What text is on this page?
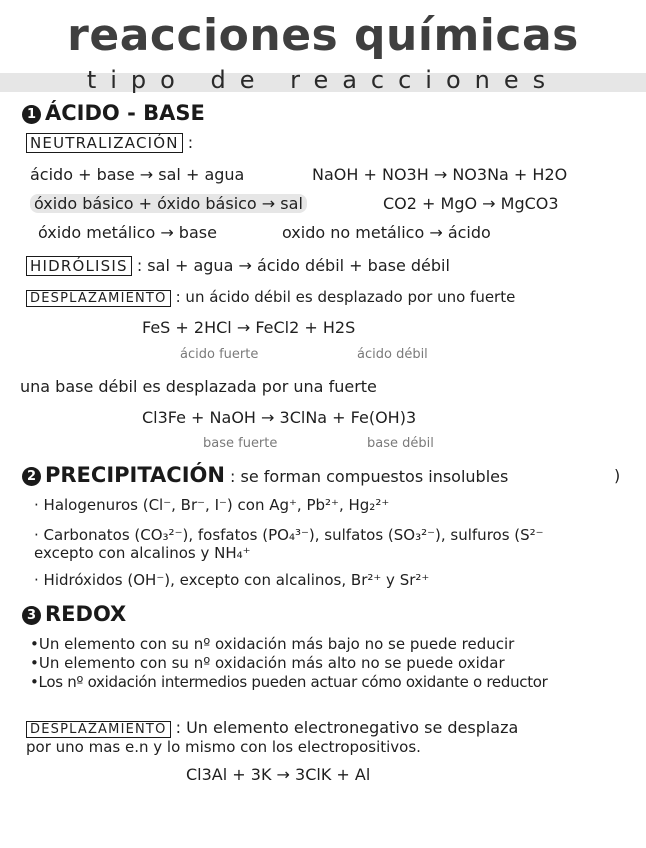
reacciones químicas
tipo de reacciones
1 ÁCIDO - BASE
NEUTRALIZACIÓN :
ácido + base → sal + agua	NaOH + NO3H → NO3Na + H2O
óxido básico + óxido básico → sal	CO2 + MgO → MgCO3
óxido metálico → base	oxido no metálico → ácido
HIDRÓLISIS : sal + agua → ácido débil + base débil
DESPLAZAMIENTO : un ácido débil es desplazado por uno fuerte
FeS + 2HCl → FeCl2 + H2S
ácido fuerte	ácido débil
una base débil es desplazada por una fuerte
Cl3Fe + NaOH → 3ClNa + Fe(OH)3
base fuerte	base débil
2 PRECIPITACIÓN : se forman compuestos insolubles	)
· Halogenuros (Cl⁻, Br⁻, I⁻) con Ag⁺, Pb²⁺, Hg₂²⁺
· Carbonatos (CO₃²⁻), fosfatos (PO₄³⁻), sulfatos (SO₃²⁻), sulfuros (S²⁻
excepto con alcalinos y NH₄⁺
· Hidróxidos (OH⁻), excepto con alcalinos, Br²⁺ y Sr²⁺
3 REDOX
•Un elemento con su nº oxidación más bajo no se puede reducir
•Un elemento con su nº oxidación más alto no se puede oxidar
•Los nº oxidación intermedios pueden actuar cómo oxidante o reductor
DESPLAZAMIENTO : Un elemento electronegativo se desplaza
por uno mas e.n y lo mismo con los electropositivos.
Cl3Al + 3K → 3ClK + Al
